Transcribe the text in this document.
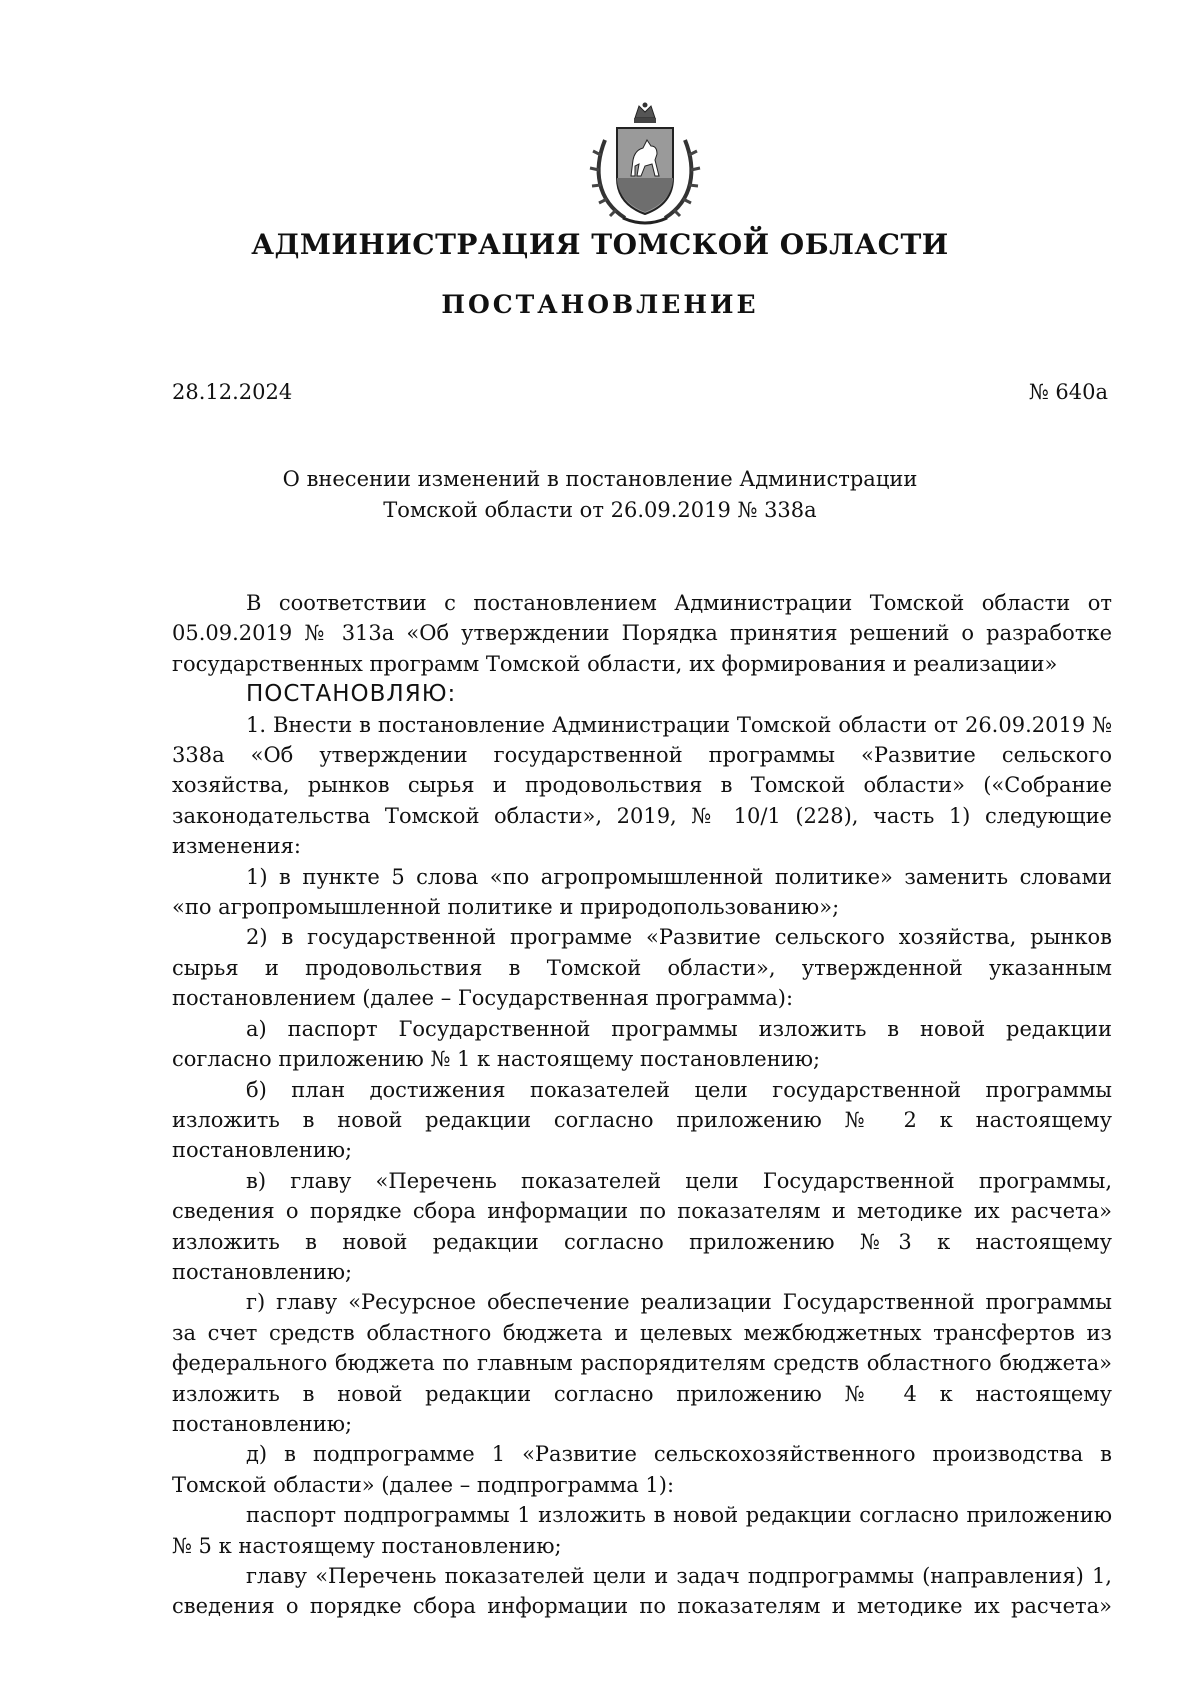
АДМИНИСТРАЦИЯ ТОМСКОЙ ОБЛАСТИ
ПОСТАНОВЛЕНИЕ
28.12.2024	№ 640а
О внесении изменений в постановление Администрации
Томской области от 26.09.2019 № 338а

В соответствии с постановлением Администрации Томской области от 05.09.2019 № 313а «Об утверждении Порядка принятия решений о разработке государственных программ Томской области, их формирования и реализации»

ПОСТАНОВЛЯЮ:

1. Внести в постановление Администрации Томской области от 26.09.2019 № 338а «Об утверждении государственной программы «Развитие сельского хозяйства, рынков сырья и продовольствия в Томской области» («Собрание законодательства Томской области», 2019, № 10/1 (228), часть 1) следующие изменения:

1) в пункте 5 слова «по агропромышленной политике» заменить словами «по агропромышленной политике и природопользованию»;

2) в государственной программе «Развитие сельского хозяйства, рынков сырья и продовольствия в Томской области», утвержденной указанным постановлением (далее – Государственная программа):

а) паспорт Государственной программы изложить в новой редакции согласно приложению № 1 к настоящему постановлению;

б) план достижения показателей цели государственной программы изложить в новой редакции согласно приложению № 2 к настоящему постановлению;

в) главу «Перечень показателей цели Государственной программы, сведения о порядке сбора информации по показателям и методике их расчета» изложить в новой редакции согласно приложению №3 к настоящему постановлению;

г) главу «Ресурсное обеспечение реализации Государственной программы за счет средств областного бюджета и целевых межбюджетных трансфертов из федерального бюджета по главным распорядителям средств областного бюджета» изложить в новой редакции согласно приложению № 4 к настоящему постановлению;

д) в подпрограмме 1 «Развитие сельскохозяйственного производства в Томской области» (далее – подпрограмма 1):

паспорт подпрограммы 1 изложить в новой редакции согласно приложению № 5 к настоящему постановлению;

главу «Перечень показателей цели и задач подпрограммы (направления) 1, сведения о порядке сбора информации по показателям и методике их расчета»
